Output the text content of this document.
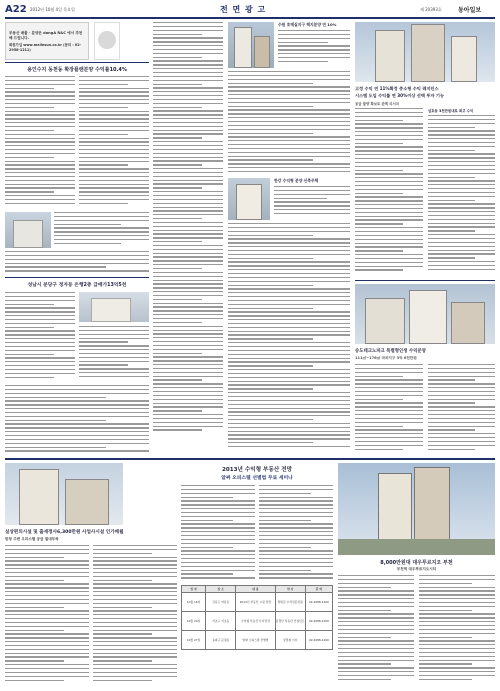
A22 2012년 10월 4일 목요일	전 면 광 고	제 20393호	동아일보
부동산 매물 · 분양은 dongA R&C 에서 추천해 드립니다.
회원가입 www.mallesun.co.kr (문의 : 02-2958-1211)
용인수지 동천동 확장플랜분양 수익률10.4%
성남시 분당구 정자동 은행2층 급매가13억5천
수원 호매실지구 택지분양 연 10%
한강 수익형 분양 신축주택
고정 수익 연 11%확정 중소형 수익 레지던스
시스템 도입 수익률 연 30%이상 선택 투자 기능
공급 물량 확보로 완벽 리서치
삼호동 3천만원대로 최고 수익
송도테크노파크 특별형인생 수익분양
111㎡~176㎡ 마곡지구 3억 6천만원
실상편의시설 및 출세정사6,300만원 사업사시설 인가매월
한창 주변 오피스텔 공급 절대부족
2013년 수익형 부동산 전망
알짜 오피스텔 선별법 무료 세미나
일 자	장 소	내 용	연 사	문 의
10월 16일	강남구 역삼동	2013년 부동산 시장 전망	박원갑 수석전문위원	02-2088-1200
10월 20일	서초구 서초동	수익형 부동산 투자전략	김경만 부동산 컨설턴트	02-2088-1200
10월 27일	송파구 문정동	알짜 오피스텔 선별법	장경철 이사	02-2088-1200
8,000만원대 대우푸르지오 부천
부천역 대우푸르지오시티
